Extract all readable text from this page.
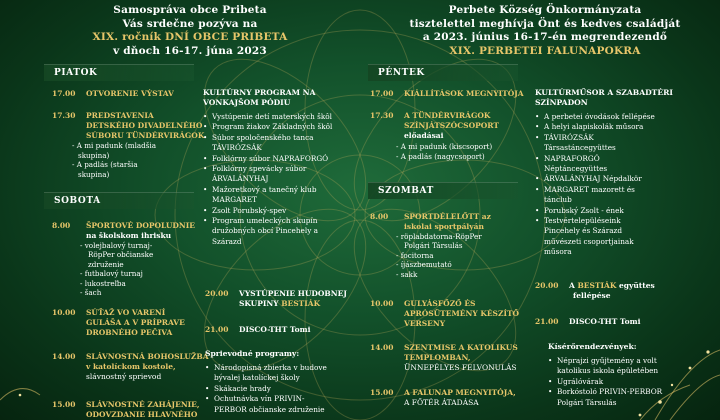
Samospráva obce Pribeta
Vás srdečne pozýva na
XIX. ročník DNÍ OBCE PRIBETA
v dňoch 16-17. júna 2023
Perbete Község Önkormányzata
tisztelettel meghívja Önt és kedves családját
a 2023. június 16-17-én megrendezendő
XIX. PERBETEI FALUNAPOKRA
PIATOK
17.00 OTVORENIE VÝSTAV
17.30 PREDSTAVENIA
DETSKÉHO DIVADELNÉHO
SÚBORU TÜNDÉRVIRÁGOK
- A mi padunk (mladšia
skupina)
- A padlás (staršia
skupina)
SOBOTA
8.00 ŠPORTOVÉ DOPOLUDNIE
na školskom ihrisku
- volejbalový turnaj-
RöpPer občianske
združenie
- futbalový turnaj
- lukostreľba
- šach
10.00 SÚŤAŽ VO VARENÍ
GULÁŠA A V PRÍPRAVE
DROBNÉHO PEČIVA
14.00 SLÁVNOSTNÁ BOHOSLUŽBA
v katolíckom kostole,
slávnostný sprievod
15.00 SLÁVNOSTNÉ ZAHÁJENIE,
ODOVZDANIE HLAVNÉHO
KULTÚRNY PROGRAM NA
VONKAJŠOM PÓDIU
• Vystúpenie detí materských škôl
• Program žiakov Základných škôl
• Súbor spoločenského tanca
TÁVIRÓZSÁK
• Folklórny súbor NAPRAFORGÓ
• Folklórny spevácky súbor
ÁRVALÁNYHAJ
• Mažoretkový a tanečný klub
MARGARET
• Zsolt Porubský-spev
• Program umeleckých skupín
družobných obcí Pincehely a
Szárazd
20.00 VYSTÚPENIE HUDOBNEJ
SKUPINY BESTIÁK
21.00 DISCO-THT Tomi
Sprievodné programy:
• Národopisná zbierka v budove
bývalej katolíckej školy
• Skákacie hrady
• Ochutnávka vín PRIVIN-
PERBOR občianske združenie
PÉNTEK
17.00 KIÁLLÍTÁSOK MEGNYITÓJA
17.30 A TÜNDÉRVIRÁGOK
SZÍNJÁTSZÓCSOPORT
előadásai
- A mi padunk (kiscsoport)
- A padlás (nagycsoport)
SZOMBAT
8.00 SPORTDÉLELŐTT az
iskolai sportpályán
- röplabdatorna-RöpPer
Polgári Társulás
- focitorna
- íjászbemutató
- sakk
10.00 GULYÁSFŐZŐ ÉS
APRÓSÜTEMÉNY KÉSZÍTŐ
VERSENY
14.00 SZENTMISE A KATOLIKUS
TEMPLOMBAN,
ÜNNEPÉLYES FELVONULÁS
15.00 A FALUNAP MEGNYITÓJA,
A FŐTÉR ÁTADÁSA
KULTÚRMŰSOR A SZABADTÉRI
SZÍNPADON
• A perbetei óvodások fellépése
• A helyi alapiskolák műsora
• TÁVIRÓZSÁK
Társastáncegyüttes
• NAPRAFORGÓ
Néptáncegyüttes
• ÁRVALÁNYHAJ Népdalkör
• MARGARET mazorett és
tánclub
• Porubský Zsolt - ének
• Testvértelepüléseink
Pincehely és Szárazd
művészeti csoportjainak
műsora
20.00 A BESTIÁK együttes
fellépése
21.00 DISCO-THT Tomi
Kísérőrendezvények:
• Néprajzi gyűjtemény a volt
katolikus iskola épületében
• Ugrálóvárak
• Borkóstoló PRIVIN-PERBOR
Polgári Társulás
